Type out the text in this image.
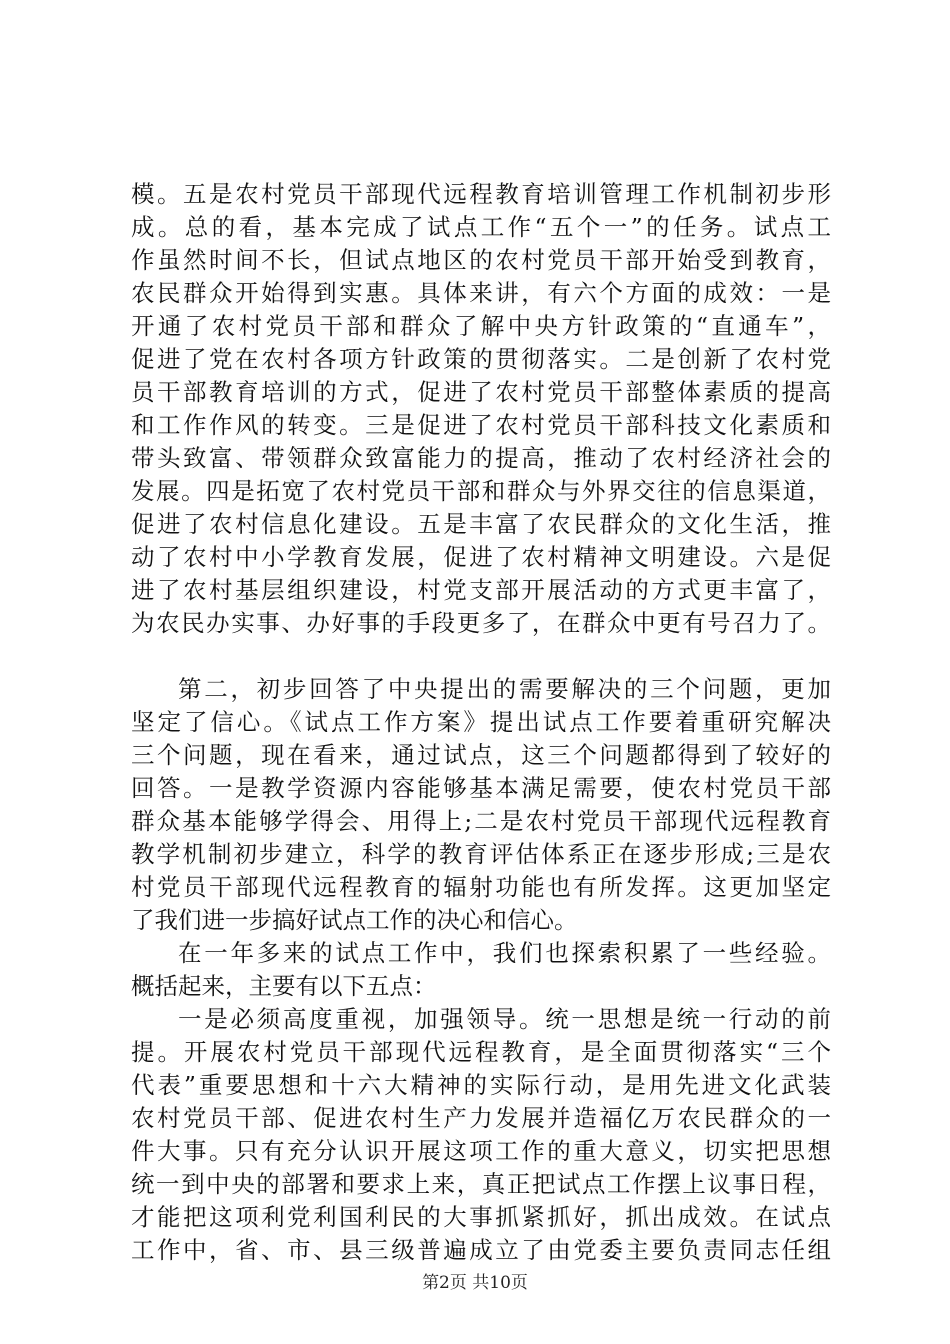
模。五是农村党员干部现代远程教育培训管理工作机制初步形
成。总的看，基本完成了试点工作“五个一”的任务。试点工
作虽然时间不长，但试点地区的农村党员干部开始受到教育，
农民群众开始得到实惠。具体来讲，有六个方面的成效：一是
开通了农村党员干部和群众了解中央方针政策的“直通车”，
促进了党在农村各项方针政策的贯彻落实。二是创新了农村党
员干部教育培训的方式，促进了农村党员干部整体素质的提高
和工作作风的转变。三是促进了农村党员干部科技文化素质和
带头致富、带领群众致富能力的提高，推动了农村经济社会的
发展。四是拓宽了农村党员干部和群众与外界交往的信息渠道，
促进了农村信息化建设。五是丰富了农民群众的文化生活，推
动了农村中小学教育发展，促进了农村精神文明建设。六是促
进了农村基层组织建设，村党支部开展活动的方式更丰富了，
为农民办实事、办好事的手段更多了，在群众中更有号召力了。
第二，初步回答了中央提出的需要解决的三个问题，更加
坚定了信心。《试点工作方案》提出试点工作要着重研究解决
三个问题，现在看来，通过试点，这三个问题都得到了较好的
回答。一是教学资源内容能够基本满足需要，使农村党员干部
群众基本能够学得会、用得上;二是农村党员干部现代远程教育
教学机制初步建立，科学的教育评估体系正在逐步形成;三是农
村党员干部现代远程教育的辐射功能也有所发挥。这更加坚定
了我们进一步搞好试点工作的决心和信心。
在一年多来的试点工作中，我们也探索积累了一些经验。
概括起来，主要有以下五点：
一是必须高度重视，加强领导。统一思想是统一行动的前
提。开展农村党员干部现代远程教育，是全面贯彻落实“三个
代表”重要思想和十六大精神的实际行动，是用先进文化武装
农村党员干部、促进农村生产力发展并造福亿万农民群众的一
件大事。只有充分认识开展这项工作的重大意义，切实把思想
统一到中央的部署和要求上来，真正把试点工作摆上议事日程，
才能把这项利党利国利民的大事抓紧抓好，抓出成效。在试点
工作中，省、市、县三级普遍成立了由党委主要负责同志任组
第2页 共10页
